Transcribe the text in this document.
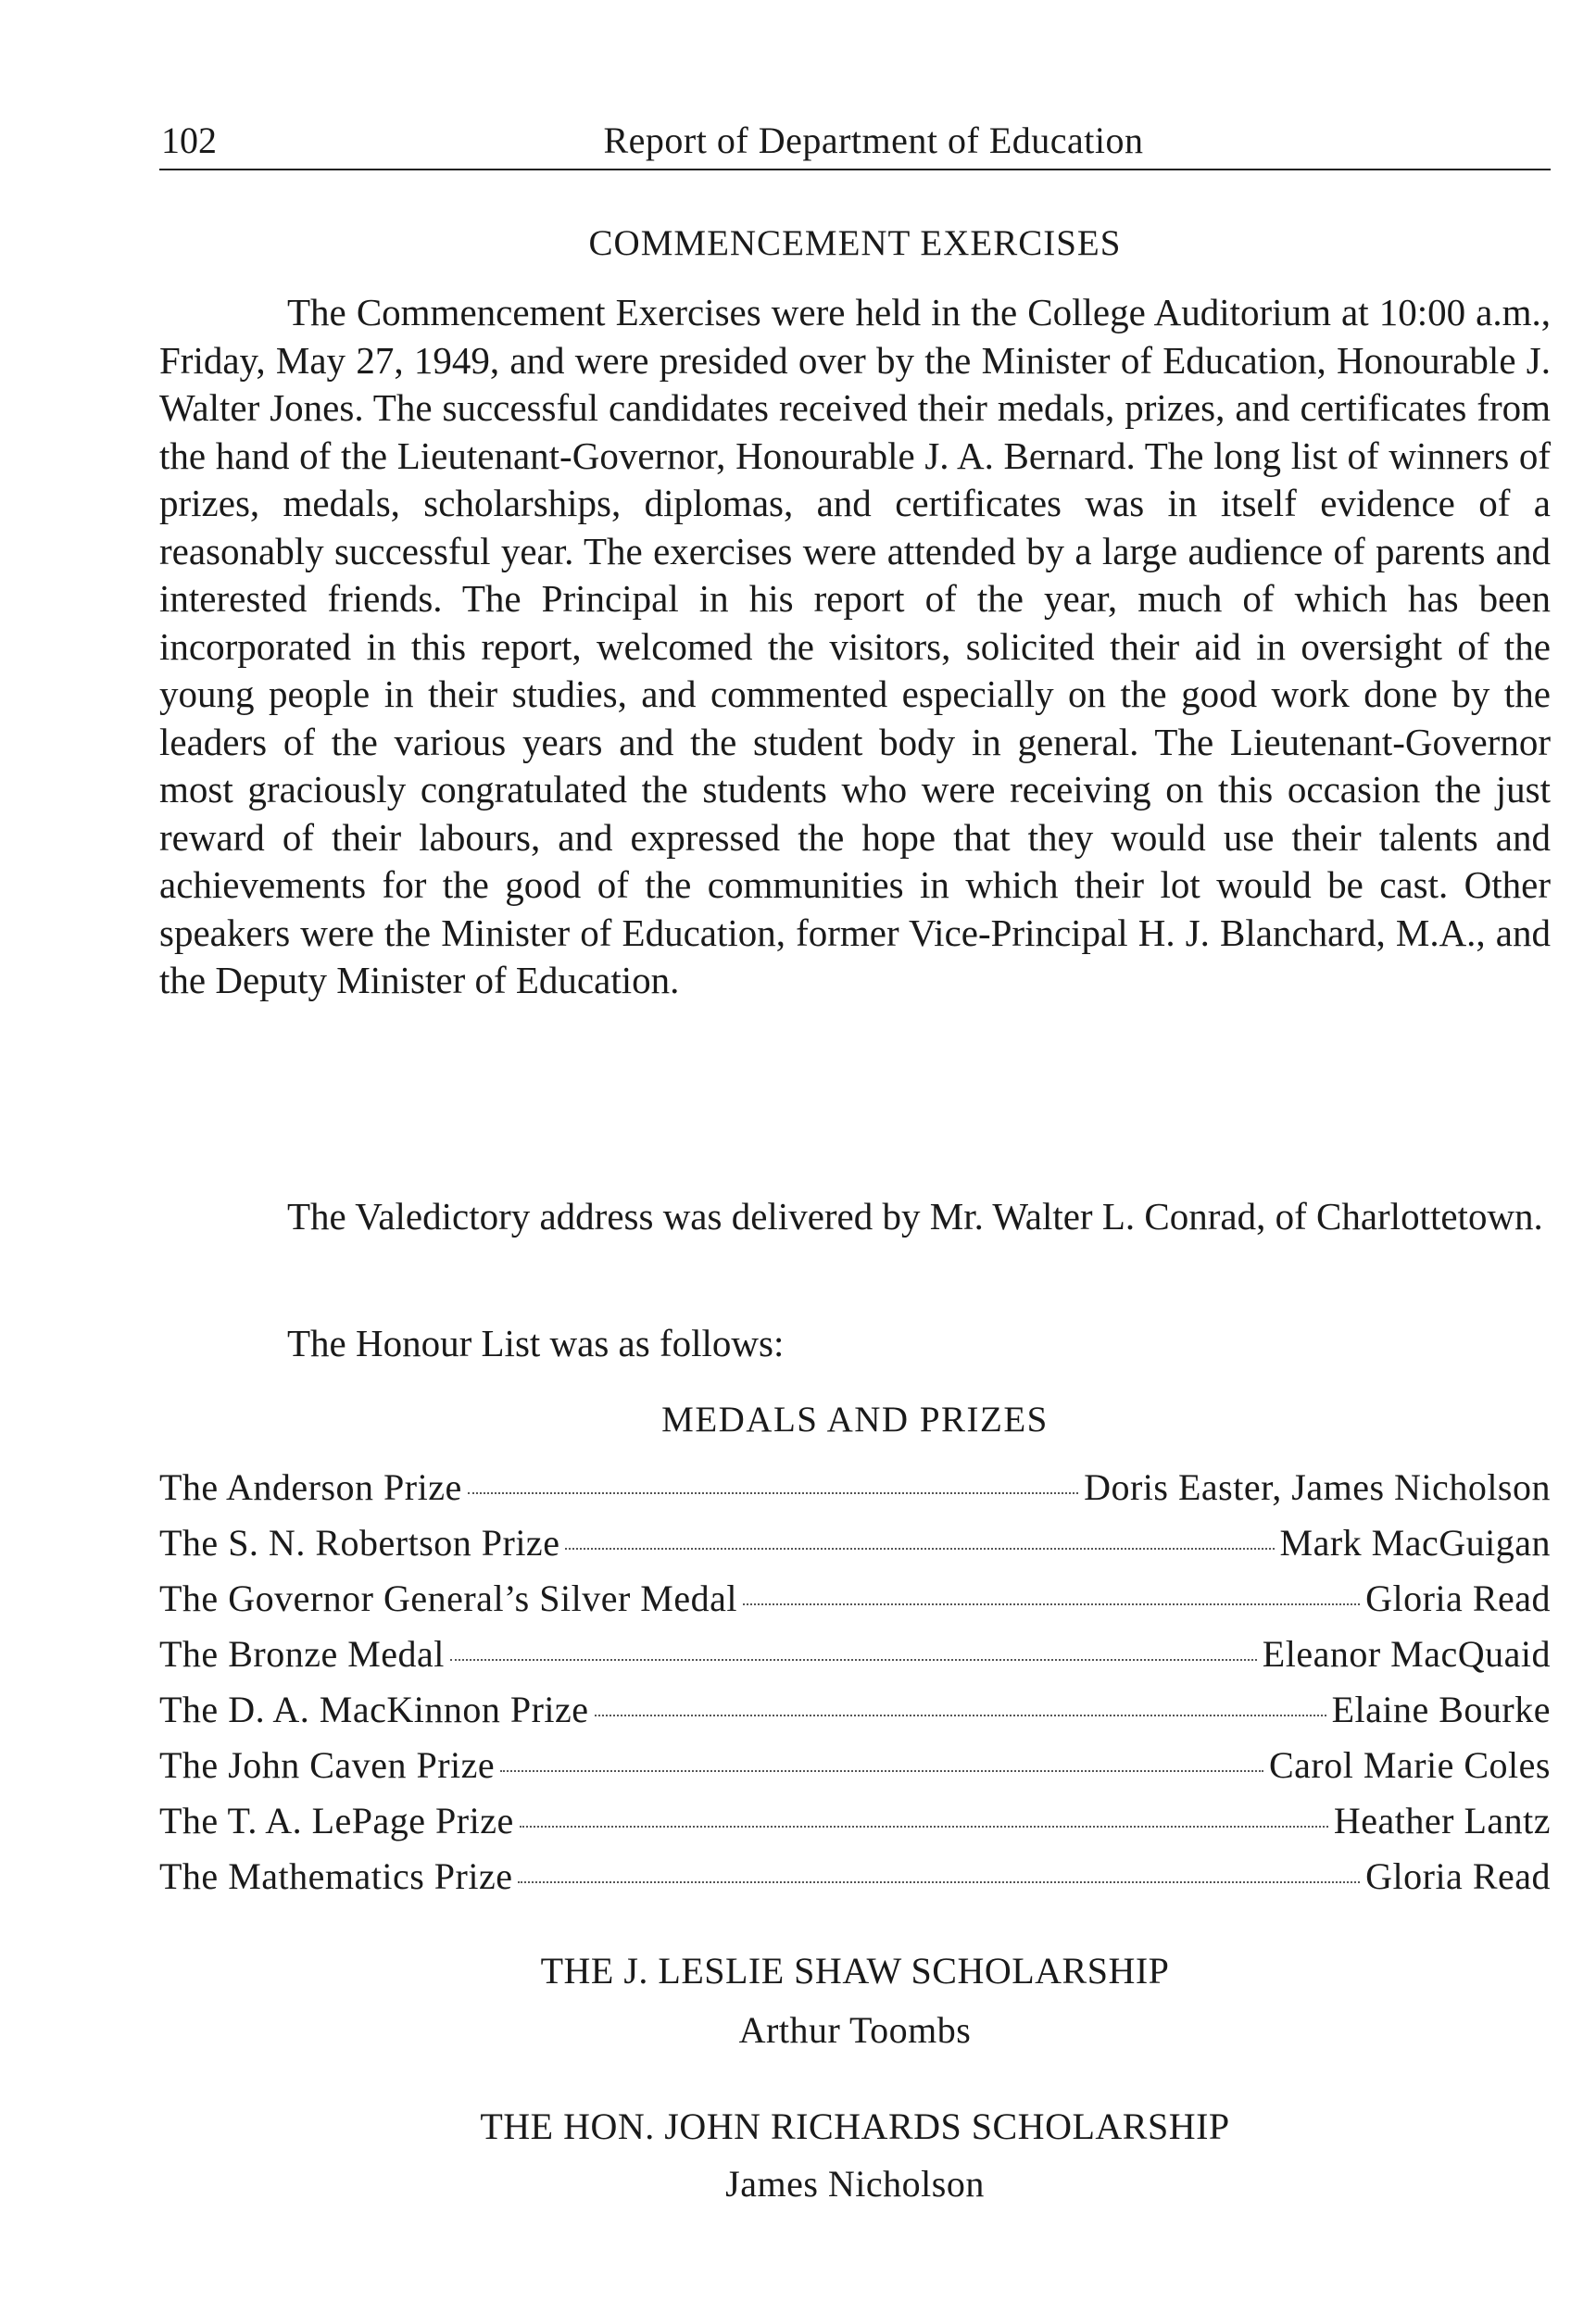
102	Report of Department of Education
COMMENCEMENT EXERCISES

The Commencement Exercises were held in the College Auditorium at 10:00 a.m., Friday, May 27, 1949, and were presided over by the Minister of Education, Honourable J. Walter Jones. The successful candidates received their medals, prizes, and certificates from the hand of the Lieutenant-Governor, Honourable J. A. Bernard. The long list of winners of prizes, medals, scholarships, diplomas, and certificates was in itself evidence of a reasonably successful year. The exercises were attended by a large audience of parents and interested friends. The Principal in his report of the year, much of which has been incorporated in this report, welcomed the visitors, solicited their aid in oversight of the young people in their studies, and commented especially on the good work done by the leaders of the various years and the student body in general. The Lieutenant-Governor most graciously congratulated the students who were receiving on this occasion the just reward of their labours, and expressed the hope that they would use their talents and achievements for the good of the communities in which their lot would be cast. Other speakers were the Minister of Education, former Vice-Principal H. J. Blanchard, M.A., and the Deputy Minister of Education.

The Valedictory address was delivered by Mr. Walter L. Conrad, of Charlottetown.

The Honour List was as follows:

MEDALS AND PRIZES
The Anderson Prize	Doris Easter, James Nicholson
The S. N. Robertson Prize	Mark MacGuigan
The Governor General’s Silver Medal	Gloria Read
The Bronze Medal	Eleanor MacQuaid
The D. A. MacKinnon Prize	Elaine Bourke
The John Caven Prize	Carol Marie Coles
The T. A. LePage Prize	Heather Lantz
The Mathematics Prize	Gloria Read
THE J. LESLIE SHAW SCHOLARSHIP
Arthur Toombs
THE HON. JOHN RICHARDS SCHOLARSHIP
James Nicholson
